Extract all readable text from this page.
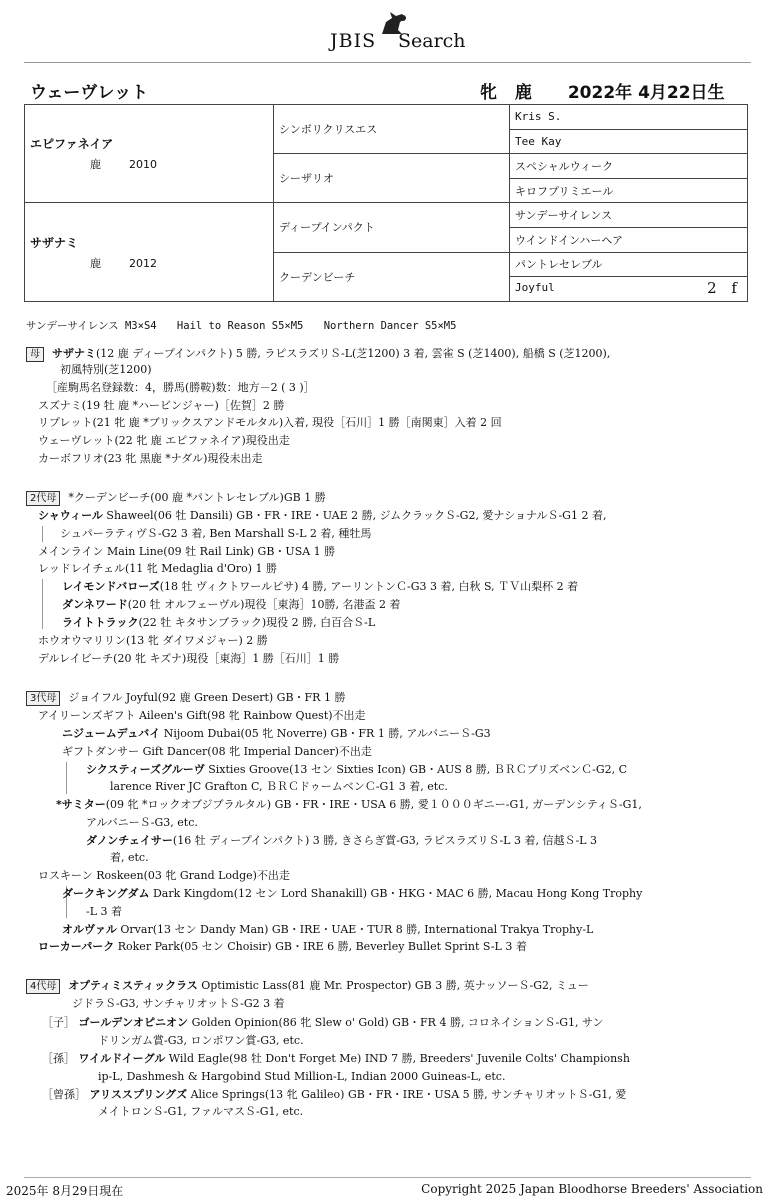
JBIS Search
ウェーヴレット	牝 鹿 2022年 4月22日生
エピファネイア
鹿 2010	シンボリクリスエス	Kris S.
		Tee Kay
	シーザリオ	スペシャルウィーク
		キロフプリミエール

サザナミ
鹿 2012	ディープインパクト	サンデーサイレンス
		ウインドインハーヘア
	クーデンビーチ	パントレセレブル
		Joyful 2 f
サンデーサイレンス M3×S4 Hail to Reason S5×M5 Northern Dancer S5×M5
母 サザナミ(12 鹿 ディープインパクト) 5 勝, ラピスラズリＳ-L(芝1200) 3 着, 雲雀 S (芝1400), 船橋 S (芝1200),
初風特別(芝1200)
［産駒馬名登録数：4，勝馬(勝鞍)数：地方－2 ( 3 )］
スズナミ(19 牡 鹿 *ハービンジャー)［佐賀］2 勝
リプレット(21 牝 鹿 *ブリックスアンドモルタル)入着, 現役［石川］1 勝［南関東］入着 2 回
ウェーヴレット(22 牝 鹿 エピファネイア)現役出走
カーボフリオ(23 牝 黒鹿 *ナダル)現役未出走
2代母 *クーデンビーチ(00 鹿 *パントレセレブル)GB 1 勝
シャウィール Shaweel(06 牡 Dansili) GB・FR・IRE・UAE 2 勝, ジムクラックＳ-G2, 愛ナショナルＳ-G1 2 着,
シュパーラティヴＳ-G2 3 着, Ben Marshall S-L 2 着, 種牡馬
メインライン Main Line(09 牡 Rail Link) GB・USA 1 勝
レッドレイチェル(11 牝 Medaglia d'Oro) 1 勝
レイモンドバローズ(18 牡 ヴィクトワールピサ) 4 勝, アーリントンＣ-G3 3 着, 白秋 S, ＴＶ山梨杯 2 着
ダンネワード(20 牡 オルフェーヴル)現役［東海］10勝, 名港盃 2 着
ライトトラック(22 牡 キタサンブラック)現役 2 勝, 白百合Ｓ-L
ホウオウマリリン(13 牝 ダイワメジャー) 2 勝
デルレイビーチ(20 牝 キズナ)現役［東海］1 勝［石川］1 勝
3代母 ジョイフル Joyful(92 鹿 Green Desert) GB・FR 1 勝
アイリーンズギフト Aileen's Gift(98 牝 Rainbow Quest)不出走
ニジュームデュバイ Nijoom Dubai(05 牝 Noverre) GB・FR 1 勝, アルバニーＳ-G3
ギフトダンサー Gift Dancer(08 牝 Imperial Dancer)不出走
シクスティーズグルーヴ Sixties Groove(13 セン Sixties Icon) GB・AUS 8 勝, ＢＲＣブリズベンＣ-G2, C
larence River JC Grafton C, ＢＲＣドゥームベンＣ-G1 3 着, etc.
*サミター(09 牝 *ロックオブジブラルタル) GB・FR・IRE・USA 6 勝, 愛１０００ギニー-G1, ガーデンシティＳ-G1,
アルバニーＳ-G3, etc.
ダノンチェイサー(16 牡 ディープインパクト) 3 勝, きさらぎ賞-G3, ラピスラズリＳ-L 3 着, 信越Ｓ-L 3
着, etc.
ロスキーン Roskeen(03 牝 Grand Lodge)不出走
ダークキングダム Dark Kingdom(12 セン Lord Shanakill) GB・HKG・MAC 6 勝, Macau Hong Kong Trophy
-L 3 着
オルヴァル Orvar(13 セン Dandy Man) GB・IRE・UAE・TUR 8 勝, International Trakya Trophy-L
ローカーパーク Roker Park(05 セン Choisir) GB・IRE 6 勝, Beverley Bullet Sprint S-L 3 着
4代母 オプティミスティックラス Optimistic Lass(81 鹿 Mr. Prospector) GB 3 勝, 英ナッソーＳ-G2, ミュー
ジドラＳ-G3, サンチャリオットＳ-G2 3 着
［子］ ゴールデンオピニオン Golden Opinion(86 牝 Slew o' Gold) GB・FR 4 勝, コロネイションＳ-G1, サン
ドリンガム賞-G3, ロンポワン賞-G3, etc.
［孫］ ワイルドイーグル Wild Eagle(98 牡 Don't Forget Me) IND 7 勝, Breeders' Juvenile Colts' Championsh
ip-L, Dashmesh & Hargobind Stud Million-L, Indian 2000 Guineas-L, etc.
［曾孫］ アリススプリングズ Alice Springs(13 牝 Galileo) GB・FR・IRE・USA 5 勝, サンチャリオットＳ-G1, 愛
メイトロンＳ-G1, ファルマスＳ-G1, etc.
2025年 8月29日現在	Copyright 2025 Japan Bloodhorse Breeders' Association
